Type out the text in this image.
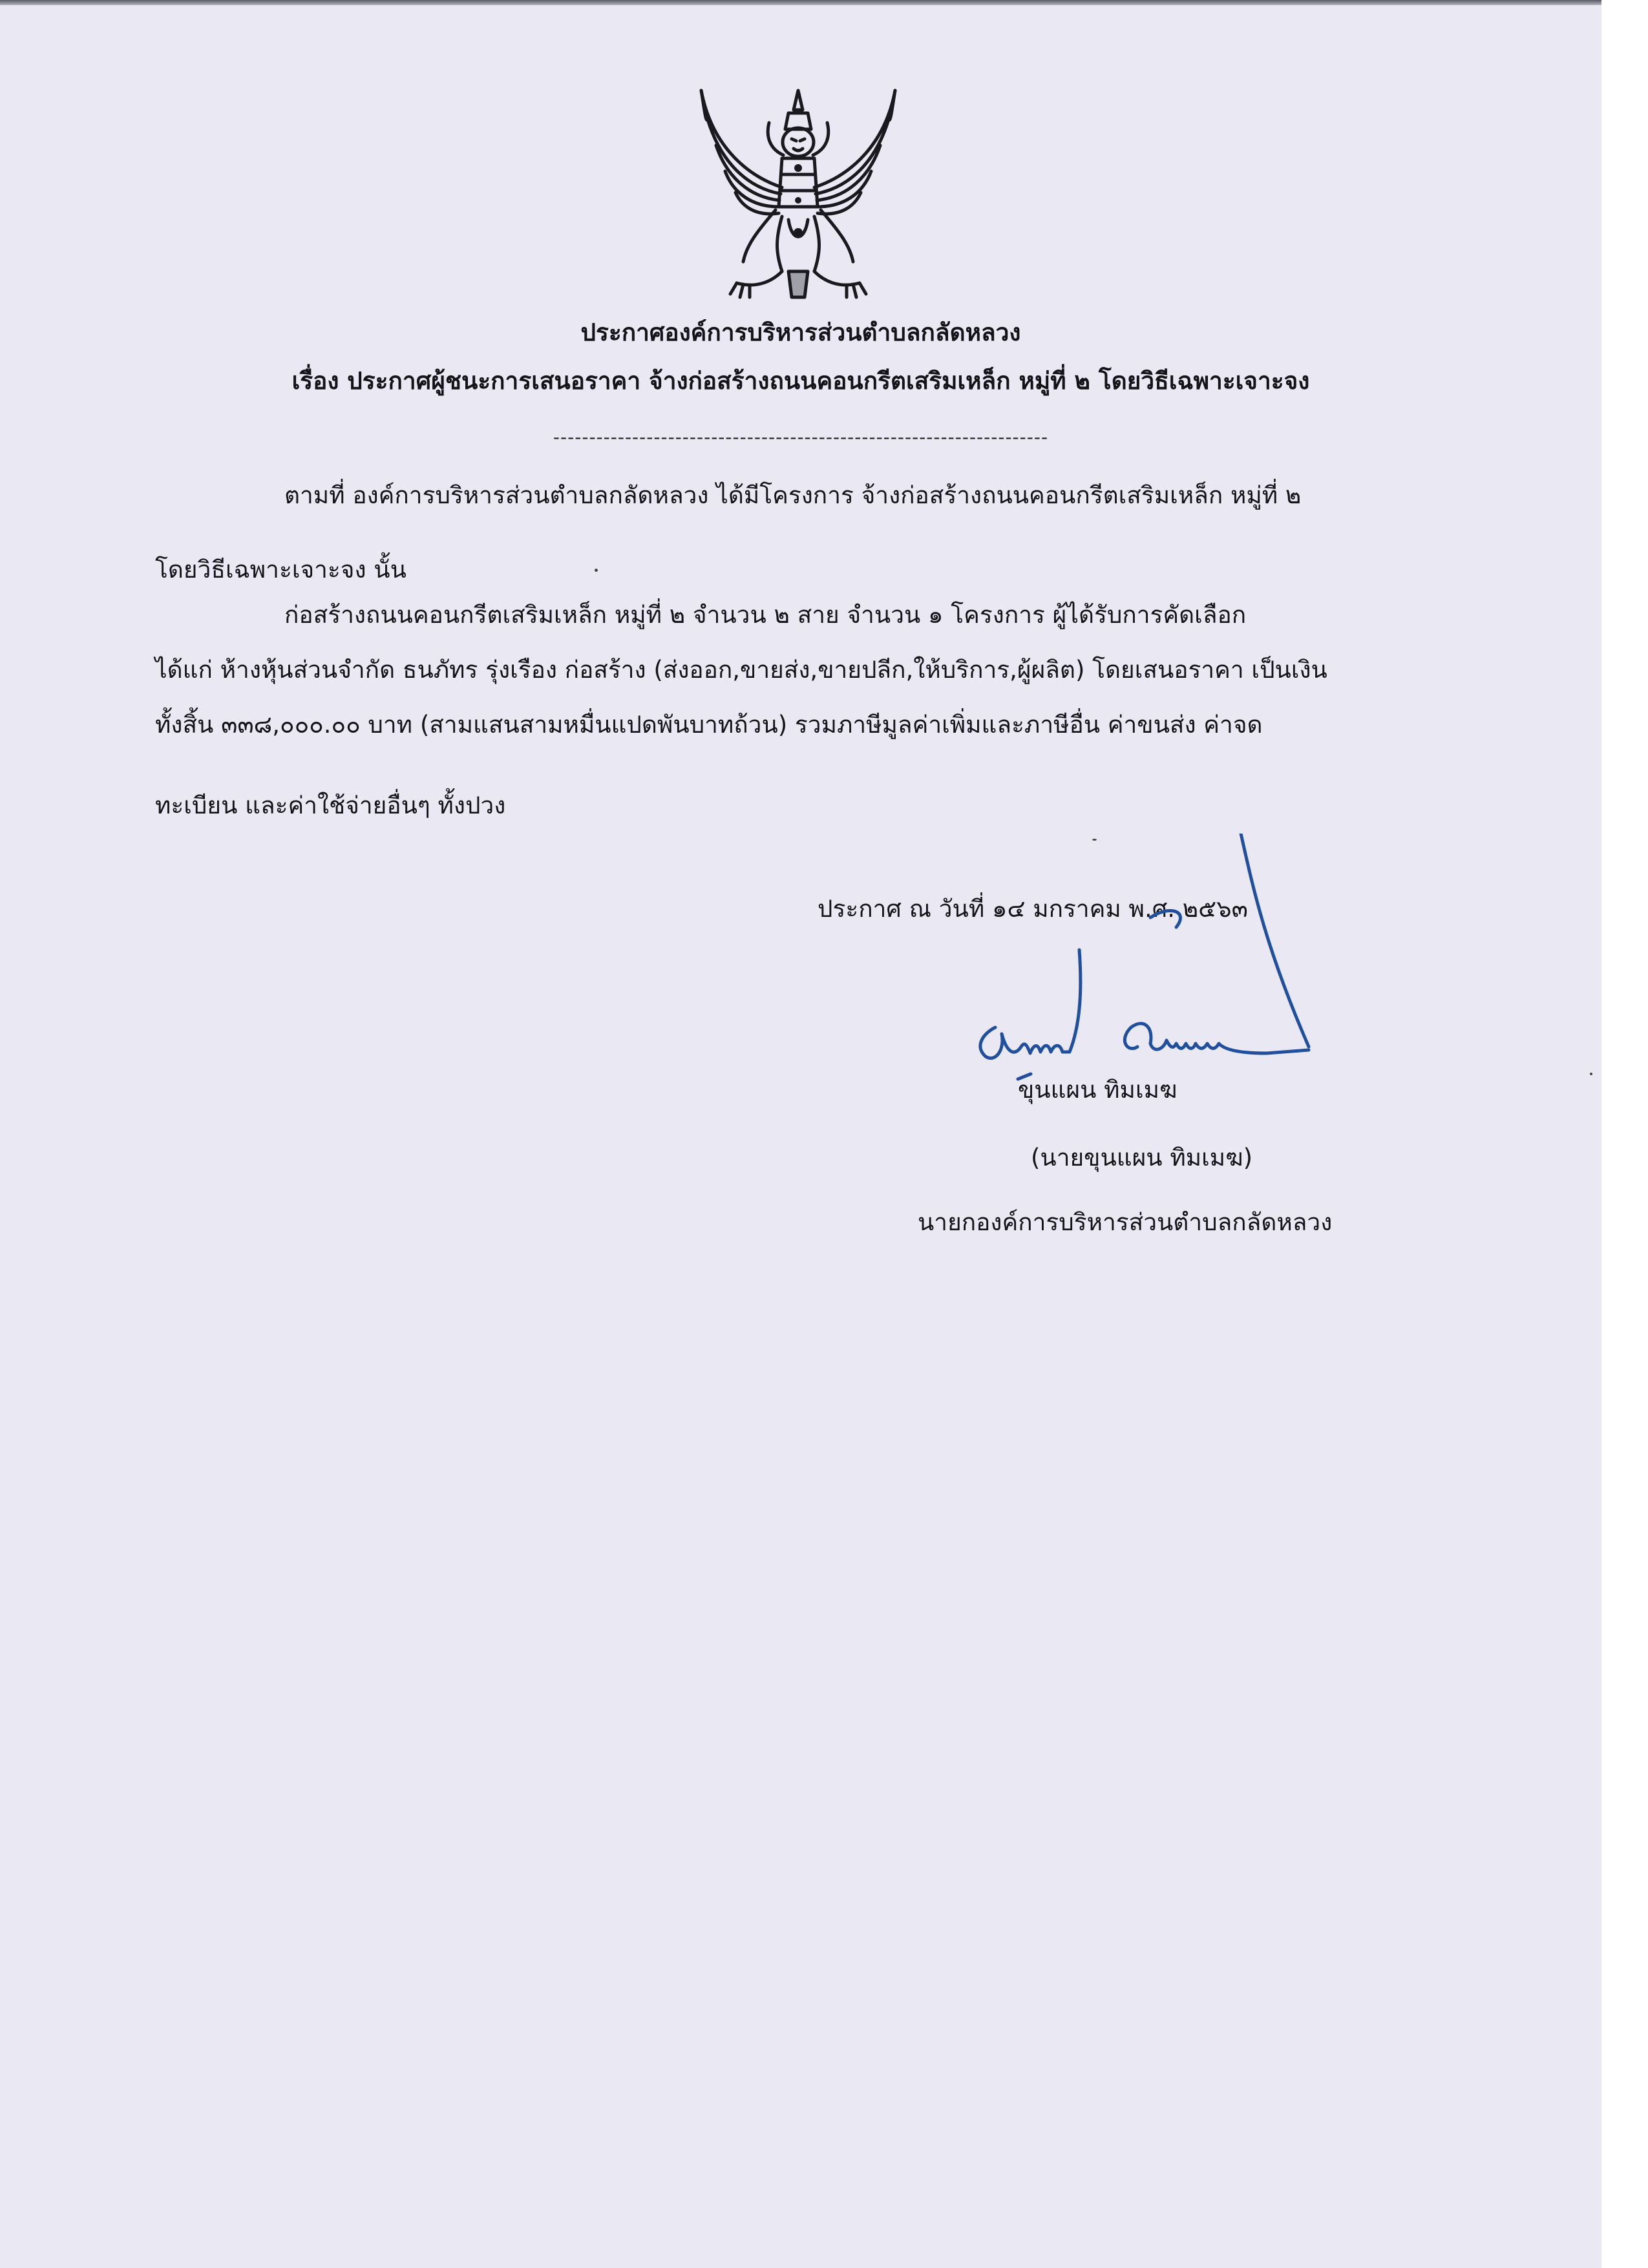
ประกาศองค์การบริหารส่วนตำบลกลัดหลวง
เรื่อง ประกาศผู้ชนะการเสนอราคา จ้างก่อสร้างถนนคอนกรีตเสริมเหล็ก หมู่ที่ ๒ โดยวิธีเฉพาะเจาะจง
---------------------------------------------------------------------
ตามที่ องค์การบริหารส่วนตำบลกลัดหลวง ได้มีโครงการ จ้างก่อสร้างถนนคอนกรีตเสริมเหล็ก หมู่ที่ ๒
โดยวิธีเฉพาะเจาะจง นั้น
ก่อสร้างถนนคอนกรีตเสริมเหล็ก หมู่ที่ ๒ จำนวน ๒ สาย จำนวน ๑ โครงการ ผู้ได้รับการคัดเลือก
ได้แก่ ห้างหุ้นส่วนจำกัด ธนภัทร รุ่งเรือง ก่อสร้าง (ส่งออก,ขายส่ง,ขายปลีก,ให้บริการ,ผู้ผลิต) โดยเสนอราคา เป็นเงิน
ทั้งสิ้น ๓๓๘,๐๐๐.๐๐ บาท (สามแสนสามหมื่นแปดพันบาทถ้วน) รวมภาษีมูลค่าเพิ่มและภาษีอื่น ค่าขนส่ง ค่าจด
ทะเบียน และค่าใช้จ่ายอื่นๆ ทั้งปวง
ประกาศ ณ วันที่ ๑๔ มกราคม พ.ศ. ๒๕๖๓
ขุนแผน ทิมเมฆ
(นายขุนแผน ทิมเมฆ)
นายกองค์การบริหารส่วนตำบลกลัดหลวง
